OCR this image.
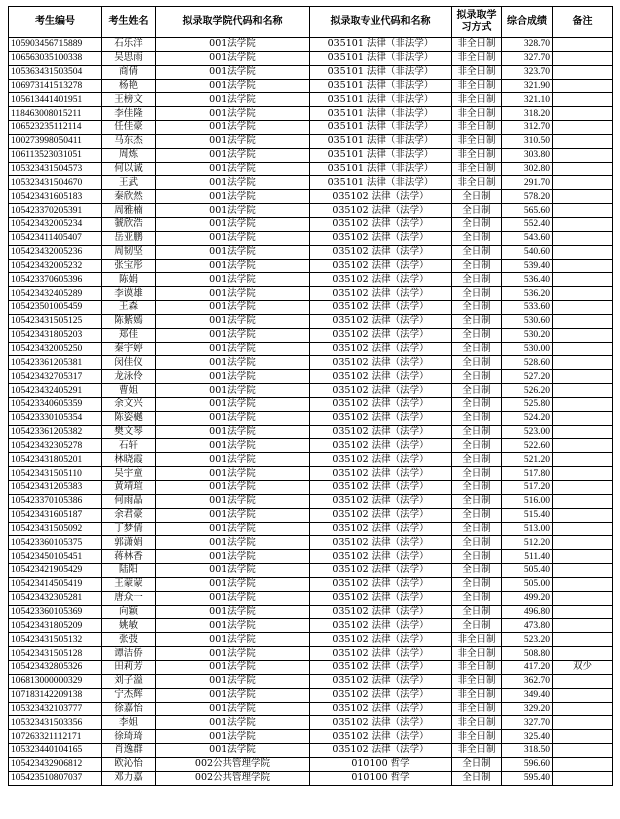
考生编号	考生姓名	拟录取学院代码和名称	拟录取专业代码和名称	拟录取学习方式	综合成绩	备注
105903456715889	石乐洋	001法学院	035101 法律（非法学）	非全日制	328.70	
106563035100338	吴思雨	001法学院	035101 法律（非法学）	非全日制	327.70	
105363431503504	商倩	001法学院	035101 法律（非法学）	非全日制	323.70	
106973141513278	杨艳	001法学院	035101 法律（非法学）	非全日制	321.90	
105613441401951	王榜文	001法学院	035101 法律（非法学）	非全日制	321.10	
118463008015211	李佳隆	001法学院	035101 法律（非法学）	非全日制	318.20	
106523235112114	任佳豪	001法学院	035101 法律（非法学）	非全日制	312.70	
100273998050411	马东杰	001法学院	035101 法律（非法学）	非全日制	310.50	
106113523031051	周炼	001法学院	035101 法律（非法学）	非全日制	303.80	
105323431504573	何以诚	001法学院	035101 法律（非法学）	非全日制	302.80	
105323431504670	王武	001法学院	035101 法律（非法学）	非全日制	291.70	
105423431605183	秦欣然	001法学院	035102 法律（法学）	全日制	578.20	
105423370205391	周雅楠	001法学院	035102 法律（法学）	全日制	565.60	
105423432005234	虢欣浩	001法学院	035102 法律（法学）	全日制	552.40	
105423411405407	岳亚鹏	001法学院	035102 法律（法学）	全日制	543.60	
105423432005236	周韧坚	001法学院	035102 法律（法学）	全日制	540.60	
105423432005232	张宝彤	001法学院	035102 法律（法学）	全日制	539.40	
105423370605396	陈娟	001法学院	035102 法律（法学）	全日制	536.40	
105423432405289	李谟雄	001法学院	035102 法律（法学）	全日制	536.20	
105423501005459	王森	001法学院	035102 法律（法学）	全日制	533.60	
105423431505125	陈紫嫣	001法学院	035102 法律（法学）	全日制	530.60	
105423431805203	郑佳	001法学院	035102 法律（法学）	全日制	530.20	
105423432005250	秦宇婷	001法学院	035102 法律（法学）	全日制	530.00	
105423361205381	闵佳仪	001法学院	035102 法律（法学）	全日制	528.60	
105423432705317	龙泳伶	001法学院	035102 法律（法学）	全日制	527.20	
105423432405291	曹姐	001法学院	035102 法律（法学）	全日制	526.20	
105423340605359	余文兴	001法学院	035102 法律（法学）	全日制	525.80	
105423330105354	陈姿樾	001法学院	035102 法律（法学）	全日制	524.20	
105423361205382	樊文琴	001法学院	035102 法律（法学）	全日制	523.00	
105423432305278	石轩	001法学院	035102 法律（法学）	全日制	522.60	
105423431805201	林晓霞	001法学院	035102 法律（法学）	全日制	521.20	
105423431505110	吴宇童	001法学院	035102 法律（法学）	全日制	517.80	
105423431205383	黄靖瑄	001法学院	035102 法律（法学）	全日制	517.20	
105423370105386	何雨晶	001法学院	035102 法律（法学）	全日制	516.00	
105423431605187	余君豪	001法学院	035102 法律（法学）	全日制	515.40	
105423431505092	丁梦倩	001法学院	035102 法律（法学）	全日制	513.00	
105423360105375	郭潇娟	001法学院	035102 法律（法学）	全日制	512.20	
105423450105451	蒋林香	001法学院	035102 法律（法学）	全日制	511.40	
105423421905429	陆阳	001法学院	035102 法律（法学）	全日制	505.40	
105423414505419	王蒙蒙	001法学院	035102 法律（法学）	全日制	505.00	
105423432305281	唐众一	001法学院	035102 法律（法学）	全日制	499.20	
105423360105369	向颖	001法学院	035102 法律（法学）	全日制	496.80	
105423431805209	姚敏	001法学院	035102 法律（法学）	全日制	473.80	
105423431505132	张弢	001法学院	035102 法律（法学）	非全日制	523.20	
105423431505128	谭洁侨	001法学院	035102 法律（法学）	非全日制	508.80	
105423432805326	田莉芳	001法学院	035102 法律（法学）	非全日制	417.20	双少
106813000000329	刘子溢	001法学院	035102 法律（法学）	非全日制	362.70	
107183142209138	宁杰辉	001法学院	035102 法律（法学）	非全日制	349.40	
105323432103777	徐嘉怡	001法学院	035102 法律（法学）	非全日制	329.20	
105323431503356	李姐	001法学院	035102 法律（法学）	非全日制	327.70	
107263321112171	徐琦琦	001法学院	035102 法律（法学）	非全日制	325.40	
105323440104165	肖逸群	001法学院	035102 法律（法学）	非全日制	318.50	
105423432906812	欧沁怡	002公共管理学院	010100 哲学	全日制	596.60	
105423510807037	邓力嘉	002公共管理学院	010100 哲学	全日制	595.40	
